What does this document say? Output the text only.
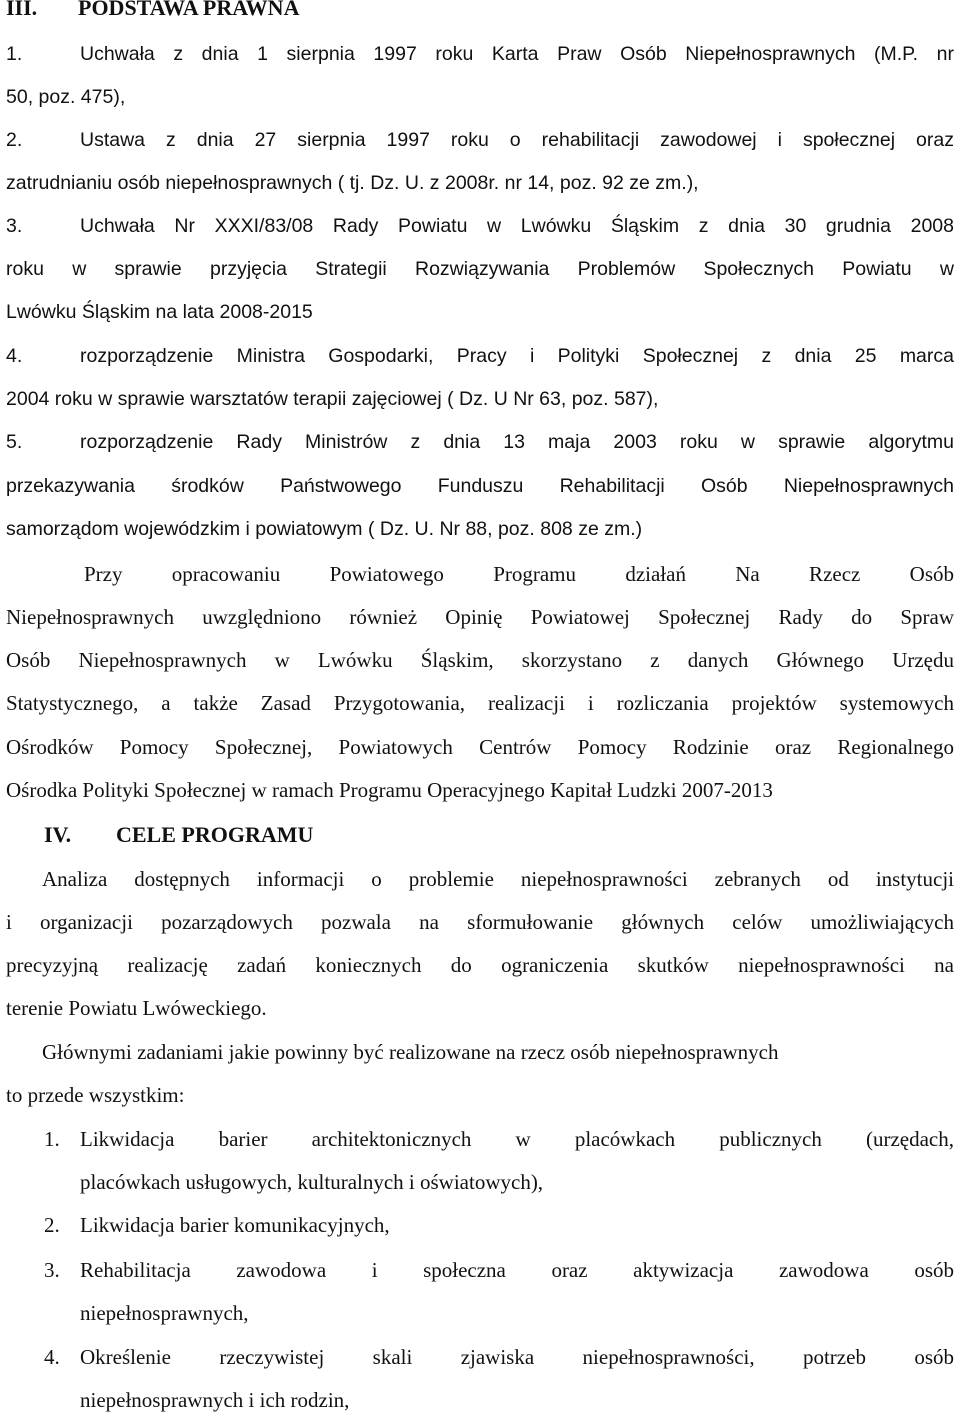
III. PODSTAWA PRAWNA
1.	Uchwała z dnia 1 sierpnia 1997 roku Karta Praw Osób Niepełnosprawnych (M.P. nr
50, poz. 475),
2.	Ustawa z dnia 27 sierpnia 1997 roku o rehabilitacji zawodowej i społecznej oraz
zatrudnianiu osób niepełnosprawnych ( tj. Dz. U. z 2008r. nr 14, poz. 92 ze zm.),
3.	Uchwała Nr XXXI/83/08 Rady Powiatu w Lwówku Śląskim z dnia 30 grudnia 2008
roku w sprawie przyjęcia Strategii Rozwiązywania Problemów Społecznych Powiatu w
Lwówku Śląskim na lata 2008-2015
4.	rozporządzenie Ministra Gospodarki, Pracy i Polityki Społecznej z dnia 25 marca
2004 roku w sprawie warsztatów terapii zajęciowej ( Dz. U Nr 63, poz. 587),
5.	rozporządzenie Rady Ministrów z dnia 13 maja 2003 roku w sprawie algorytmu
przekazywania środków Państwowego Funduszu Rehabilitacji Osób Niepełnosprawnych
samorządom wojewódzkim i powiatowym ( Dz. U. Nr 88, poz. 808 ze zm.)
Przy opracowaniu Powiatowego Programu działań Na Rzecz Osób
Niepełnosprawnych uwzględniono również Opinię Powiatowej Społecznej Rady do Spraw
Osób Niepełnosprawnych w Lwówku Śląskim, skorzystano z danych Głównego Urzędu
Statystycznego, a także Zasad Przygotowania, realizacji i rozliczania projektów systemowych
Ośrodków Pomocy Społecznej, Powiatowych Centrów Pomocy Rodzinie oraz Regionalnego
Ośrodka Polityki Społecznej w ramach Programu Operacyjnego Kapitał Ludzki 2007-2013
IV. CELE PROGRAMU
Analiza dostępnych informacji o problemie niepełnosprawności zebranych od instytucji
i organizacji pozarządowych pozwala na sformułowanie głównych celów umożliwiających
precyzyjną realizację zadań koniecznych do ograniczenia skutków niepełnosprawności na
terenie Powiatu Lwóweckiego.
Głównymi zadaniami jakie powinny być realizowane na rzecz osób niepełnosprawnych
to przede wszystkim:
1. Likwidacja barier architektonicznych w placówkach publicznych (urzędach,
placówkach usługowych, kulturalnych i oświatowych),
2. Likwidacja barier komunikacyjnych,
3. Rehabilitacja zawodowa i społeczna oraz aktywizacja zawodowa osób
niepełnosprawnych,
4. Określenie rzeczywistej skali zjawiska niepełnosprawności, potrzeb osób
niepełnosprawnych i ich rodzin,
